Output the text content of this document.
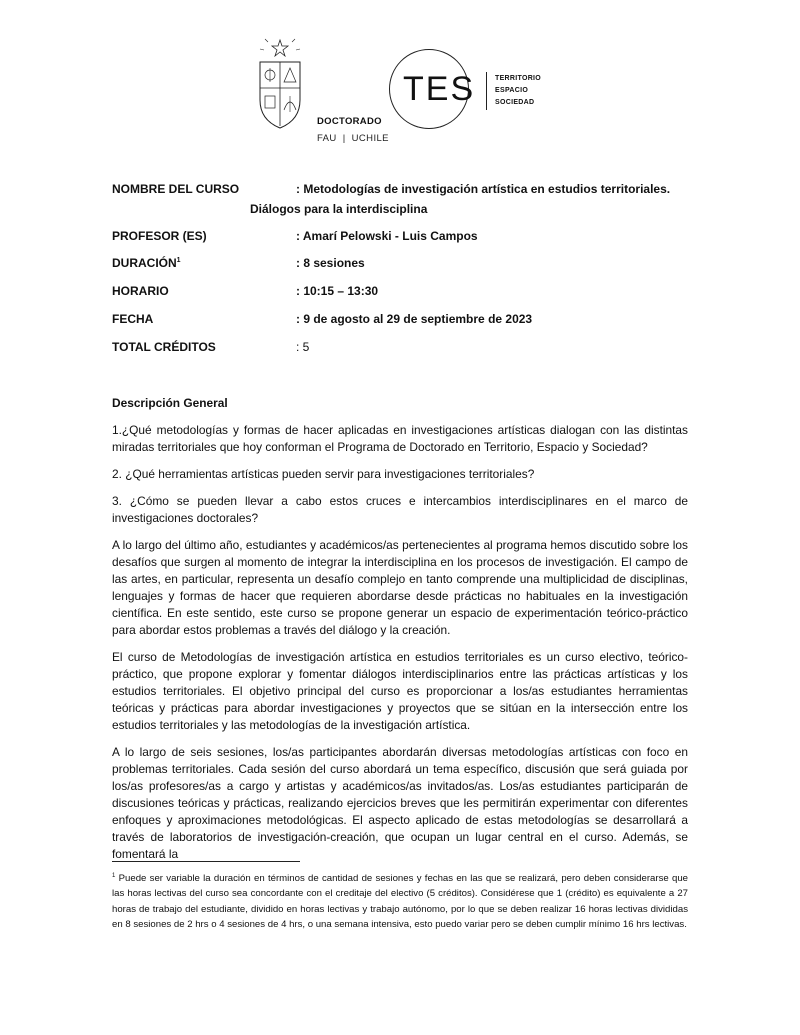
DOCTORADO
FAU | UCHILE
TES	TERRITORIO
ESPACIO
SOCIEDAD
NOMBRE DEL CURSO	: Metodologías de investigación artística en estudios territoriales.
Diálogos para la interdisciplina
PROFESOR (ES)	: Amarí Pelowski - Luis Campos
DURACIÓN$^1$	: 8 sesiones
HORARIO	: 10:15 – 13:30
FECHA	: 9 de agosto al 29 de septiembre de 2023
TOTAL CRÉDITOS	: 5

Descripción General

1.¿Qué metodologías y formas de hacer aplicadas en investigaciones artísticas dialogan con las distintas miradas territoriales que hoy conforman el Programa de Doctorado en Territorio, Espacio y Sociedad?

2. ¿Qué herramientas artísticas pueden servir para investigaciones territoriales?

3. ¿Cómo se pueden llevar a cabo estos cruces e intercambios interdisciplinares en el marco de investigaciones doctorales?

A lo largo del último año, estudiantes y académicos/as pertenecientes al programa hemos discutido sobre los desafíos que surgen al momento de integrar la interdisciplina en los procesos de investigación. El campo de las artes, en particular, representa un desafío complejo en tanto comprende una multiplicidad de disciplinas, lenguajes y formas de hacer que requieren abordarse desde prácticas no habituales en la investigación científica. En este sentido, este curso se propone generar un espacio de experimentación teórico-práctico para abordar estos problemas a través del diálogo y la creación.

El curso de Metodologías de investigación artística en estudios territoriales es un curso electivo, teórico-práctico, que propone explorar y fomentar diálogos interdisciplinarios entre las prácticas artísticas y los estudios territoriales. El objetivo principal del curso es proporcionar a los/as estudiantes herramientas teóricas y prácticas para abordar investigaciones y proyectos que se sitúan en la intersección entre los estudios territoriales y las metodologías de la investigación artística.

A lo largo de seis sesiones, los/as participantes abordarán diversas metodologías artísticas con foco en problemas territoriales. Cada sesión del curso abordará un tema específico, discusión que será guiada por los/as profesores/as a cargo y artistas y académicos/as invitados/as. Los/as estudiantes participarán de discusiones teóricas y prácticas, realizando ejercicios breves que les permitirán experimentar con diferentes enfoques y aproximaciones metodológicas. El aspecto aplicado de estas metodologías se desarrollará a través de laboratorios de investigación-creación, que ocupan un lugar central en el curso. Además, se fomentará la

$^1$ Puede ser variable la duración en términos de cantidad de sesiones y fechas en las que se realizará, pero deben considerarse que las horas lectivas del curso sea concordante con el creditaje del electivo (5 créditos). Considérese que 1 (crédito) es equivalente a 27 horas de trabajo del estudiante, dividido en horas lectivas y trabajo autónomo, por lo que se deben realizar 16 horas lectivas divididas en 8 sesiones de 2 hrs o 4 sesiones de 4 hrs, o una semana intensiva, esto puedo variar pero se deben cumplir mínimo 16 hrs lectivas.
